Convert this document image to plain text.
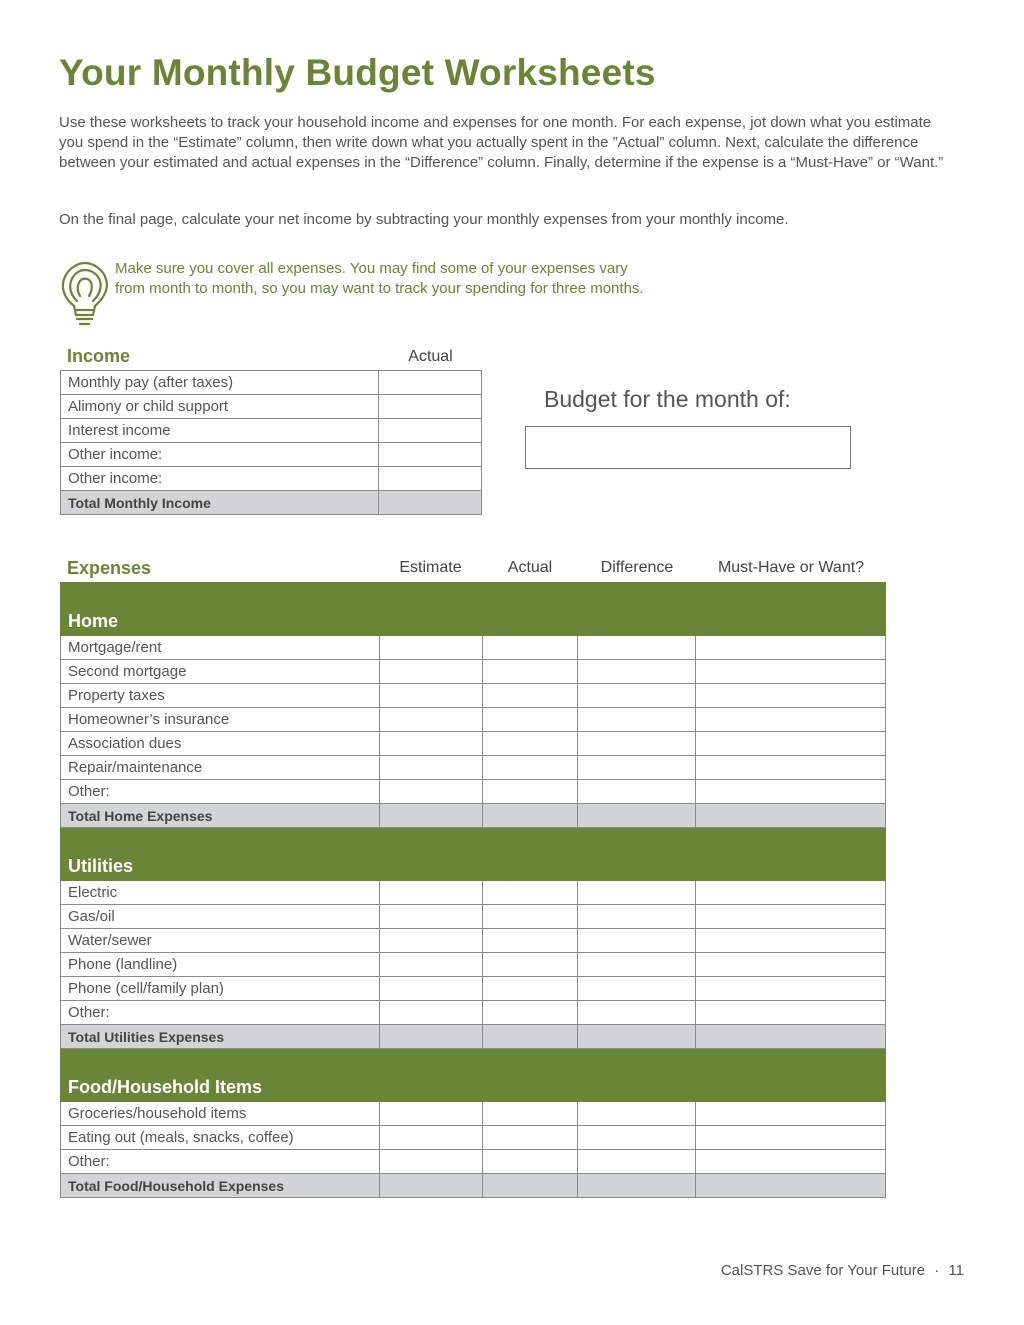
Your Monthly Budget Worksheets

Use these worksheets to track your household income and expenses for one month. For each expense, jot down what you estimate you spend in the “Estimate” column, then write down what you actually spent in the ”Actual” column. Next, calculate the difference between your estimated and actual expenses in the “Difference” column. Finally, determine if the expense is a “Must-Have” or “Want.”

On the final page, calculate your net income by subtracting your monthly expenses from your monthly income.

Make sure you cover all expenses. You may find some of your expenses vary
from month to month, so you may want to track your spending for three months.

Income	Actual
Monthly pay (after taxes)	
Alimony or child support	
Interest income	
Other income:	
Other income:	
Total Monthly Income	
Budget for the month of:
Expenses	Estimate	Actual	Difference	Must-Have or Want?
Home				
Mortgage/rent				
Second mortgage				
Property taxes				
Homeowner’s insurance				
Association dues				
Repair/maintenance				
Other:				
Total Home Expenses				
Utilities				
Electric				
Gas/oil				
Water/sewer				
Phone (landline)				
Phone (cell/family plan)				
Other:				
Total Utilities Expenses				
Food/Household Items				
Groceries/household items				
Eating out (meals, snacks, coffee)				
Other:				
Total Food/Household Expenses				
CalSTRS Save for Your Future · 11
